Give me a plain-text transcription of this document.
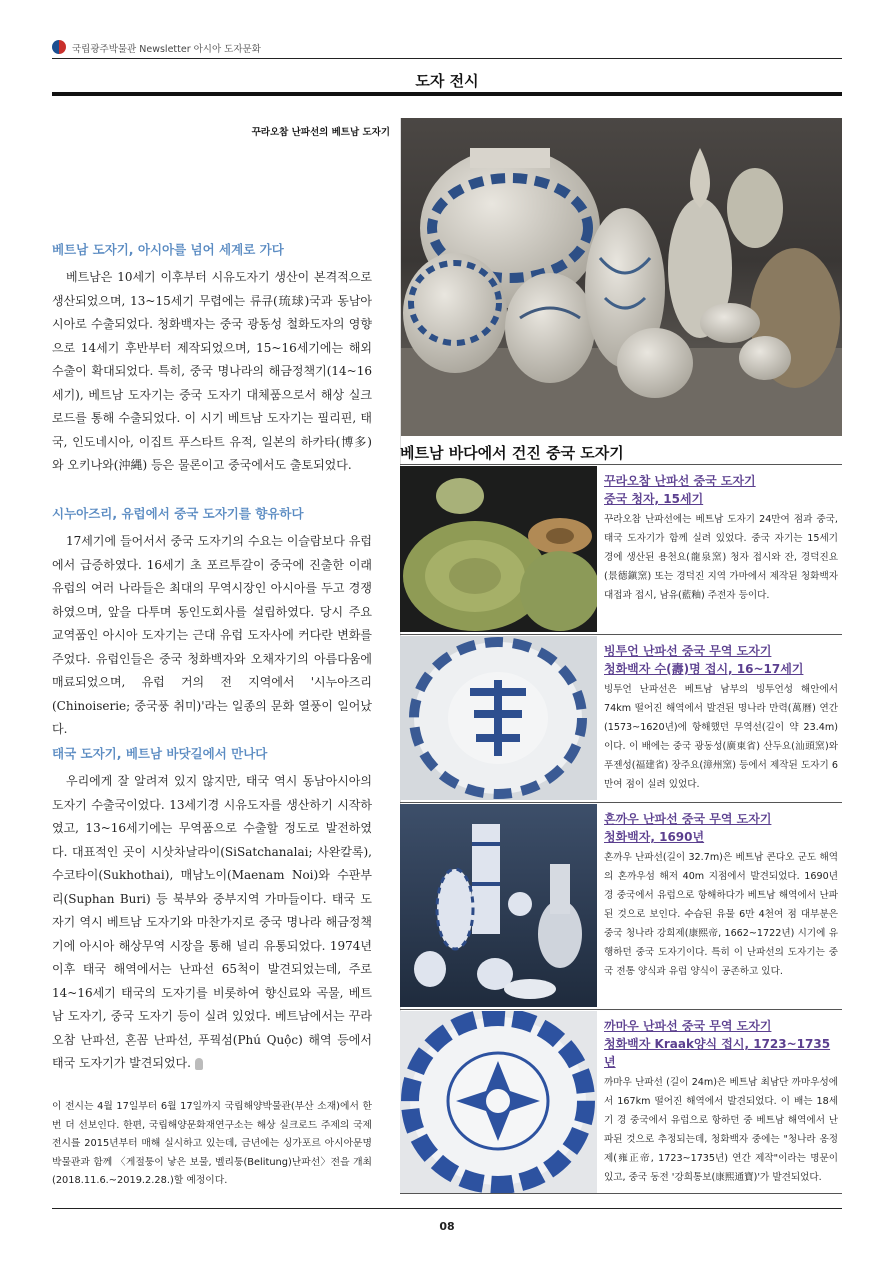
국립광주박물관 Newsletter 아시아 도자문화
도자 전시
꾸라오참 난파선의 베트남 도자기
베트남 도자기, 아시아를 넘어 세계로 가다

베트남은 10세기 이후부터 시유도자기 생산이 본격적으로 생산되었으며, 13~15세기 무렵에는 류큐(琉球)국과 동남아시아로 수출되었다. 청화백자는 중국 광동성 철화도자의 영향으로 14세기 후반부터 제작되었으며, 15~16세기에는 해외 수출이 확대되었다. 특히, 중국 명나라의 해금정책기(14~16세기), 베트남 도자기는 중국 도자기 대체품으로서 해상 실크로드를 통해 수출되었다. 이 시기 베트남 도자기는 필리핀, 태국, 인도네시아, 이집트 푸스타트 유적, 일본의 하카타(博多)와 오키나와(沖縄) 등은 물론이고 중국에서도 출토되었다.

시누아즈리, 유럽에서 중국 도자기를 향유하다

17세기에 들어서서 중국 도자기의 수요는 이슬람보다 유럽에서 급증하였다. 16세기 초 포르투갈이 중국에 진출한 이래 유럽의 여러 나라들은 최대의 무역시장인 아시아를 두고 경쟁하였으며, 앞을 다투며 동인도회사를 설립하였다. 당시 주요 교역품인 아시아 도자기는 근대 유럽 도자사에 커다란 변화를 주었다. 유럽인들은 중국 청화백자와 오채자기의 아름다움에 매료되었으며, 유럽 거의 전 지역에서 '시누아즈리(Chinoiserie; 중국풍 취미)'라는 일종의 문화 열풍이 일어났다.

태국 도자기, 베트남 바닷길에서 만나다

우리에게 잘 알려져 있지 않지만, 태국 역시 동남아시아의 도자기 수출국이었다. 13세기경 시유도자를 생산하기 시작하였고, 13~16세기에는 무역품으로 수출할 정도로 발전하였다. 대표적인 곳이 시삿차날라이(SiSatchanalai; 사완칼록), 수코타이(Sukhothai), 매남노이(Maenam Noi)와 수판부리(Suphan Buri) 등 북부와 중부지역 가마들이다. 태국 도자기 역시 베트남 도자기와 마찬가지로 중국 명나라 해금정책기에 아시아 해상무역 시장을 통해 널리 유통되었다. 1974년 이후 태국 해역에서는 난파선 65척이 발견되었는데, 주로 14~16세기 태국의 도자기를 비롯하여 향신료와 곡물, 베트남 도자기, 중국 도자기 등이 실려 있었다. 베트남에서는 꾸라오참 난파선, 혼꼼 난파선, 푸꿕섬(Phú Quộc) 해역 등에서 태국 도자기가 발견되었다.

이 전시는 4월 17일부터 6월 17일까지 국립해양박물관(부산 소재)에서 한 번 더 선보인다. 한편, 국립해양문화재연구소는 해상 실크로드 주제의 국제전시를 2015년부터 매해 실시하고 있는데, 금년에는 싱가포르 아시아문명박물관과 함께 〈게절퉁이 낳은 보물, 벨리퉁(Belitung)난파선〉전을 개최(2018.11.6.~2019.2.28.)할 예정이다.
베트남 바다에서 건진 중국 도자기
꾸라오참 난파선 중국 도자기
중국 청자, 15세기
꾸라오참 난파선에는 베트남 도자기 24만여 점과 중국, 태국 도자기가 함께 실려 있었다. 중국 자기는 15세기 경에 생산된 용천요(龍泉窯) 청자 접시와 잔, 경덕진요(景德鎭窯) 또는 경덕진 지역 가마에서 제작된 청화백자 대접과 접시, 남유(藍釉) 주전자 등이다.
빙투언 난파선 중국 무역 도자기
청화백자 수(壽)명 접시, 16~17세기
빙투언 난파선은 베트남 남부의 빙투언성 해안에서 74km 떨어진 해역에서 발견된 명나라 만력(萬曆) 연간(1573~1620년)에 항해했던 무역선(길이 약 23.4m)이다. 이 배에는 중국 광동성(廣東省) 산두요(汕頭窯)와 푸젠성(福建省) 장주요(漳州窯) 등에서 제작된 도자기 6만여 점이 실려 있었다.
혼까우 난파선 중국 무역 도자기
청화백자, 1690년
혼까우 난파선(길이 32.7m)은 베트남 콘다오 군도 해역의 혼까우섬 해저 40m 지점에서 발견되었다. 1690년 경 중국에서 유럽으로 항해하다가 베트남 해역에서 난파된 것으로 보인다. 수습된 유물 6만 4천여 점 대부분은 중국 청나라 강희제(康熙帝, 1662~1722년) 시기에 유행하던 중국 도자기이다. 특히 이 난파선의 도자기는 중국 전통 양식과 유럽 양식이 공존하고 있다.
까마우 난파선 중국 무역 도자기
청화백자 Kraak양식 접시, 1723~1735년
까마우 난파선 (길이 24m)은 베트남 최남단 까마우성에서 167km 떨어진 해역에서 발견되었다. 이 배는 18세기 경 중국에서 유럽으로 항하던 중 베트남 해역에서 난파된 것으로 추정되는데, 청화백자 중에는 "청나라 옹정제(雍正帝, 1723~1735년) 연간 제작"이라는 명문이 있고, 중국 동전 '강희통보(康熙通寶)'가 발견되었다.
08
